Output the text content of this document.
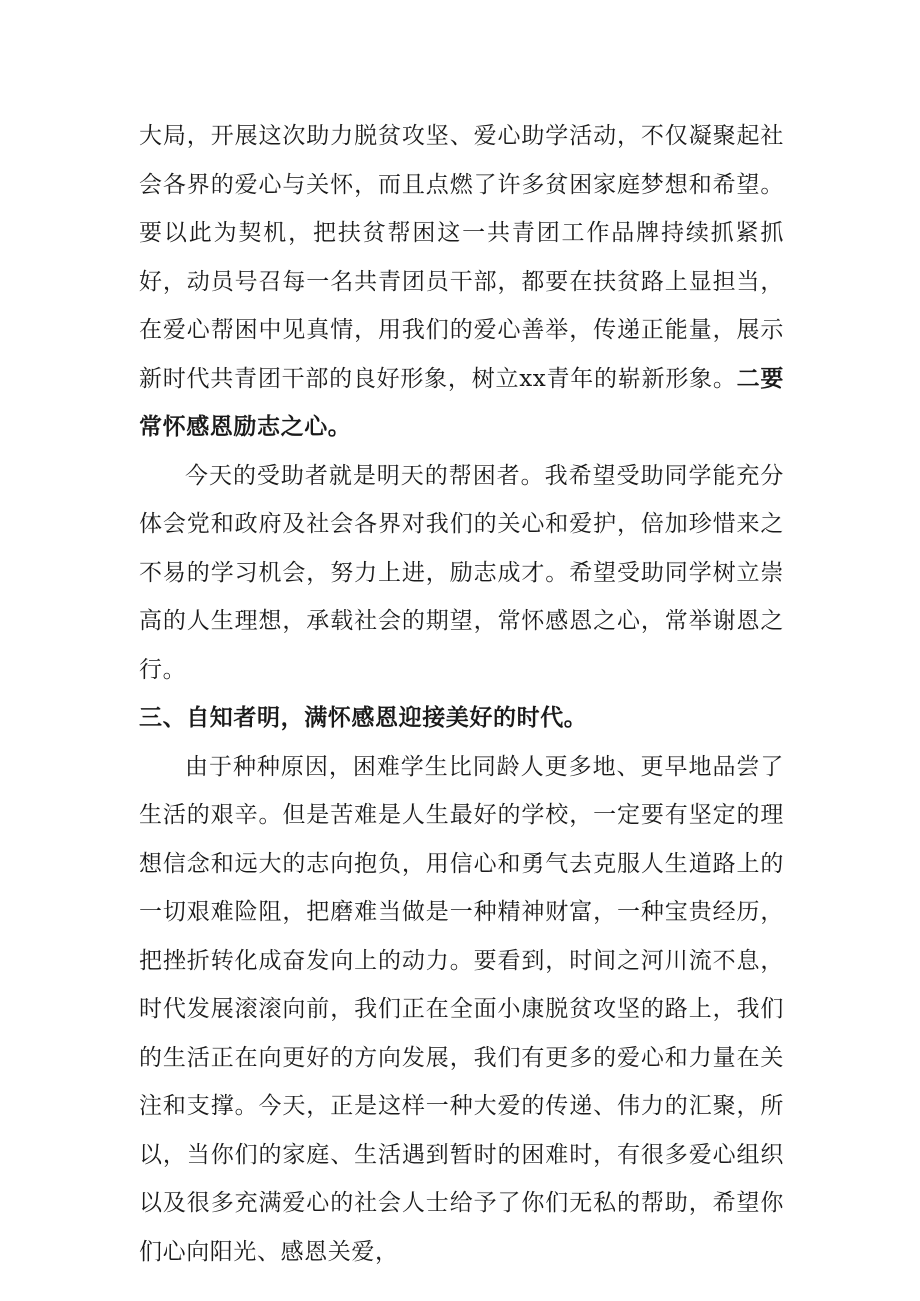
大局，开展这次助力脱贫攻坚、爱心助学活动，不仅凝聚起社会各界的爱心与关怀，而且点燃了许多贫困家庭梦想和希望。要以此为契机，把扶贫帮困这一共青团工作品牌持续抓紧抓好，动员号召每一名共青团员干部，都要在扶贫路上显担当，在爱心帮困中见真情，用我们的爱心善举，传递正能量，展示新时代共青团干部的良好形象，树立xx青年的崭新形象。二要常怀感恩励志之心。

今天的受助者就是明天的帮困者。我希望受助同学能充分体会党和政府及社会各界对我们的关心和爱护，倍加珍惜来之不易的学习机会，努力上进，励志成才。希望受助同学树立崇高的人生理想，承载社会的期望，常怀感恩之心，常举谢恩之行。

三、自知者明，满怀感恩迎接美好的时代。

由于种种原因，困难学生比同龄人更多地、更早地品尝了生活的艰辛。但是苦难是人生最好的学校，一定要有坚定的理想信念和远大的志向抱负，用信心和勇气去克服人生道路上的一切艰难险阻，把磨难当做是一种精神财富，一种宝贵经历，把挫折转化成奋发向上的动力。要看到，时间之河川流不息，时代发展滚滚向前，我们正在全面小康脱贫攻坚的路上，我们的生活正在向更好的方向发展，我们有更多的爱心和力量在关注和支撑。今天，正是这样一种大爱的传递、伟力的汇聚，所以，当你们的家庭、生活遇到暂时的困难时，有很多爱心组织以及很多充满爱心的社会人士给予了你们无私的帮助，希望你们心向阳光、感恩关爱，
